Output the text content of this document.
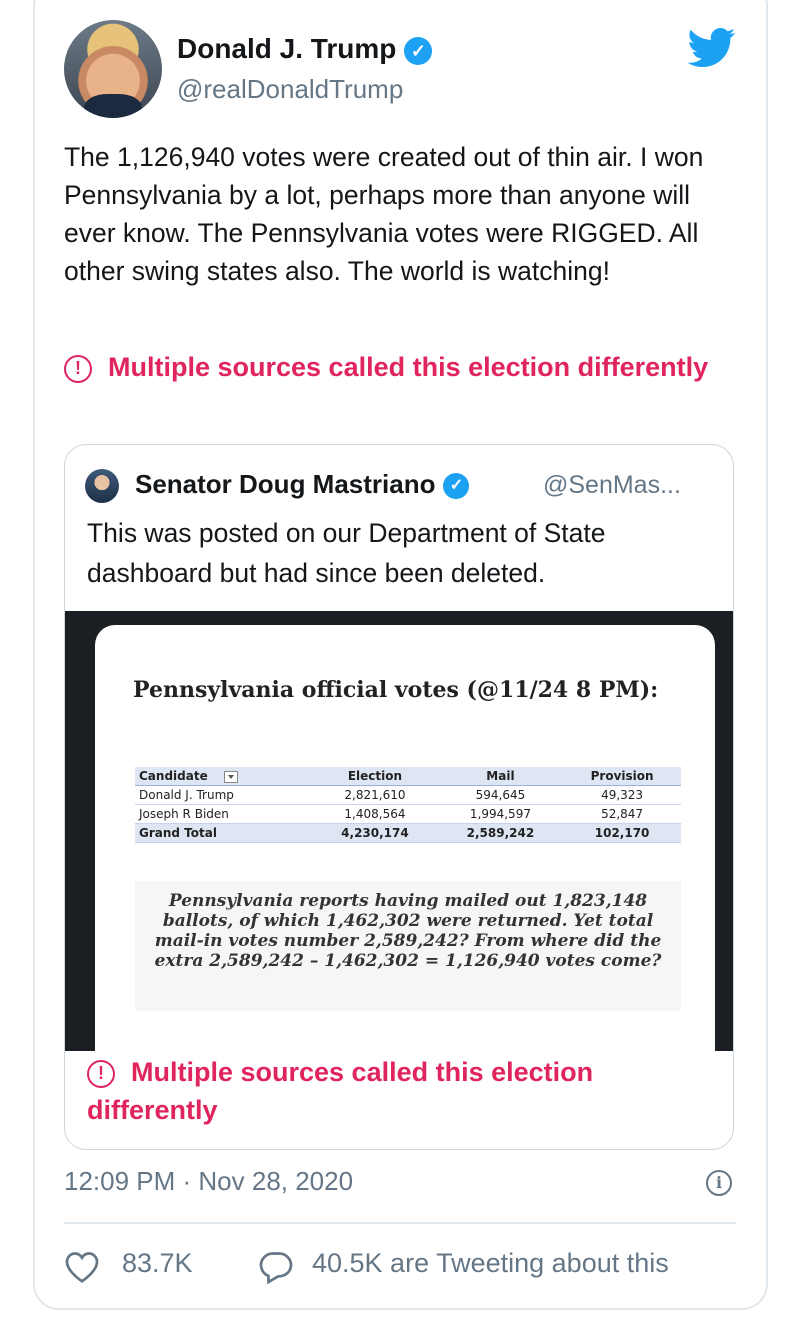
Donald J. Trump ✓
@realDonaldTrump
The 1,126,940 votes were created out of thin air. I won Pennsylvania by a lot, perhaps more than anyone will ever know. The Pennsylvania votes were RIGGED. All other swing states also. The world is watching!
! Multiple sources called this election differently
Senator Doug Mastriano ✓	@SenMas...
This was posted on our Department of State dashboard but had since been deleted.
Pennsylvania official votes (@11/24 8 PM):
Candidate	Election	Mail	Provision
Donald J. Trump	2,821,610	594,645	49,323
Joseph R Biden	1,408,564	1,994,597	52,847
Grand Total	4,230,174	2,589,242	102,170
Pennsylvania reports having mailed out 1,823,148 ballots, of which 1,462,302 were returned. Yet total mail-in votes number 2,589,242? From where did the extra 2,589,242 – 1,462,302 = 1,126,940 votes come?
! Multiple sources called this election differently
12:09 PM · Nov 28, 2020	i
83.7K	40.5K are Tweeting about this
